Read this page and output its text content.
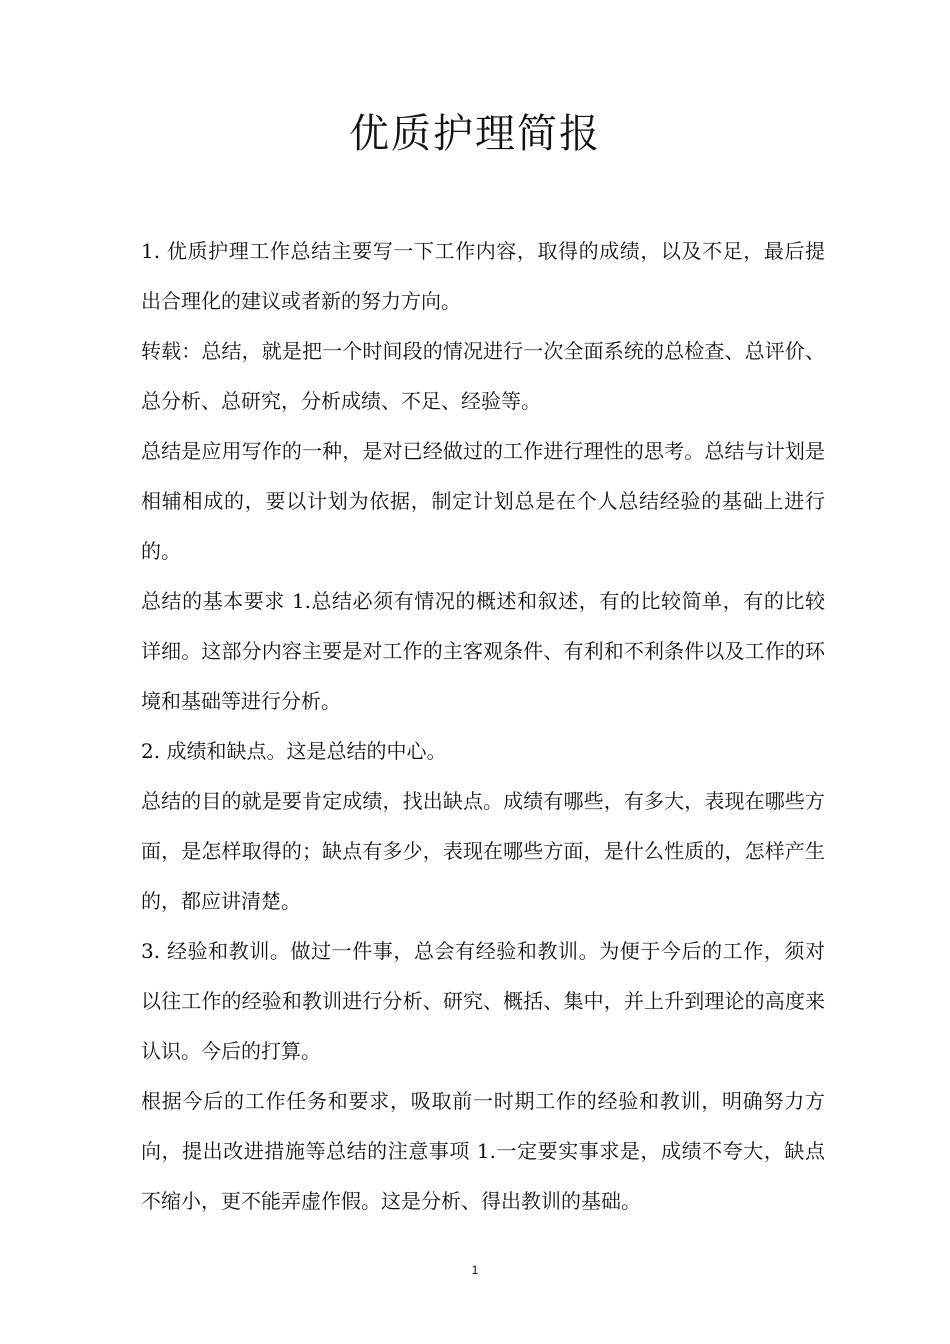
优质护理简报

1. 优质护理工作总结主要写一下工作内容，取得的成绩，以及不足，最后提出合理化的建议或者新的努力方向。

转载：总结，就是把一个时间段的情况进行一次全面系统的总检查、总评价、总分析、总研究，分析成绩、不足、经验等。

总结是应用写作的一种，是对已经做过的工作进行理性的思考。总结与计划是相辅相成的，要以计划为依据，制定计划总是在个人总结经验的基础上进行的。

总结的基本要求 1.总结必须有情况的概述和叙述，有的比较简单，有的比较详细。这部分内容主要是对工作的主客观条件、有利和不利条件以及工作的环境和基础等进行分析。

2. 成绩和缺点。这是总结的中心。

总结的目的就是要肯定成绩，找出缺点。成绩有哪些，有多大，表现在哪些方面，是怎样取得的；缺点有多少，表现在哪些方面，是什么性质的，怎样产生的，都应讲清楚。

3. 经验和教训。做过一件事，总会有经验和教训。为便于今后的工作，须对以往工作的经验和教训进行分析、研究、概括、集中，并上升到理论的高度来认识。今后的打算。

根据今后的工作任务和要求，吸取前一时期工作的经验和教训，明确努力方向，提出改进措施等总结的注意事项 1.一定要实事求是，成绩不夸大，缺点不缩小，更不能弄虚作假。这是分析、得出教训的基础。

1
